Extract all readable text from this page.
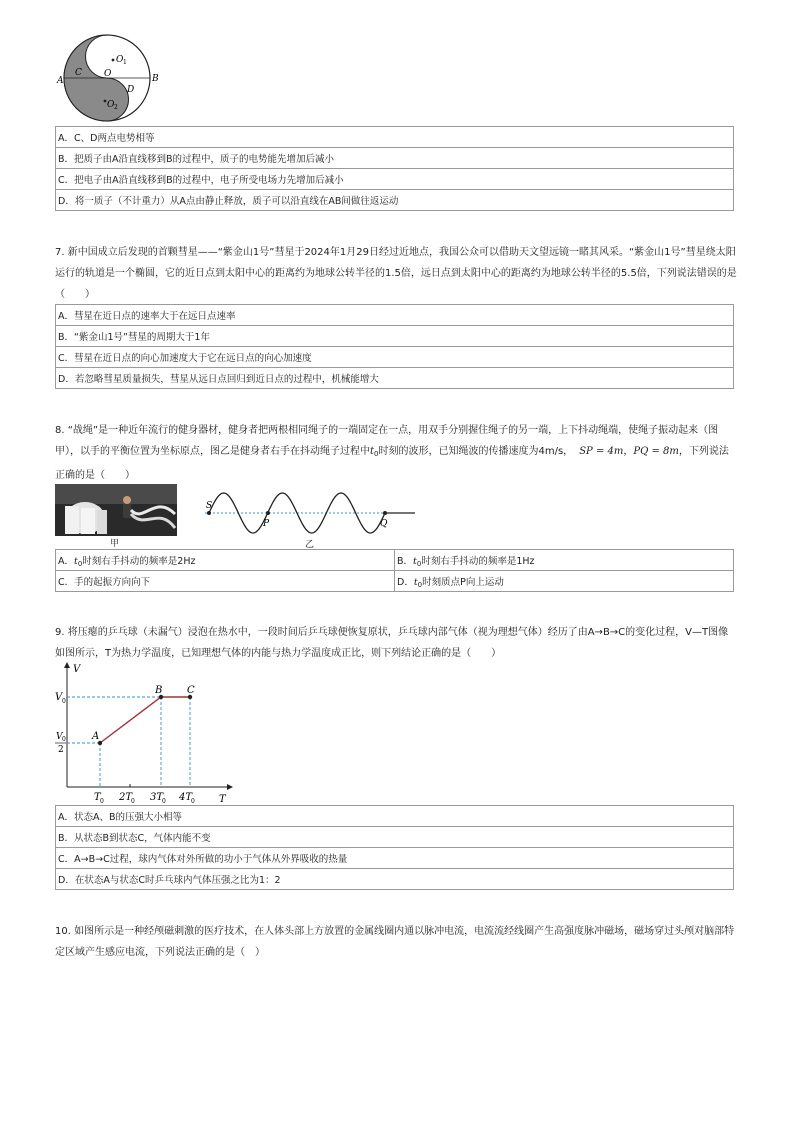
A	B
C
D
O
O 1
O 2
A．C、D两点电势相等
B．把质子由A沿直线移到B的过程中，质子的电势能先增加后减小
C．把电子由A沿直线移到B的过程中，电子所受电场力先增加后减小
D．将一质子（不计重力）从A点由静止释放，质子可以沿直线在AB间做往返运动
7. 新中国成立后发现的首颗彗星——“紫金山1号”彗星于2024年1月29日经过近地点，我国公众可以借助天文望远镜一睹其风采。“紫金山1号”彗星绕太阳运行的轨道是一个椭圆，它的近日点到太阳中心的距离约为地球公转半径的1.5倍，远日点到太阳中心的距离约为地球公转半径的5.5倍，下列说法错误的是（　　）
A．彗星在近日点的速率大于在远日点速率
B．“紫金山1号”彗星的周期大于1年
C．彗星在近日点的向心加速度大于它在远日点的向心加速度
D．若忽略彗星质量损失，彗星从远日点回归到近日点的过程中，机械能增大
8. “战绳”是一种近年流行的健身器材，健身者把两根相同绳子的一端固定在一点，用双手分别握住绳子的另一端，上下抖动绳端，使绳子振动起来（图甲），以手的平衡位置为坐标原点，图乙是健身者右手在抖动绳子过程中$t_0$时刻的波形，已知绳波的传播速度为4m/s， SP = 4m，PQ = 8m，下列说法正确的是（　　）
甲
S
P	Q
乙
A．$t_0$时刻右手抖动的频率是2Hz	B．$t_0$时刻右手抖动的频率是1Hz
C．手的起振方向向下	D．$t_0$时刻质点P向上运动
9. 将压瘪的乒乓球（未漏气）浸泡在热水中，一段时间后乒乓球便恢复原状，乒乓球内部气体（视为理想气体）经历了由A→B→C的变化过程，V—T图像如图所示，T为热力学温度，已知理想气体的内能与热力学温度成正比，则下列结论正确的是（　　）
V
T
A
B C
V 0
V 0
2
T 0 2T
0 3T
0 4T
0
A．状态A、B的压强大小相等
B．从状态B到状态C，气体内能不变
C．A→B→C过程，球内气体对外所做的功小于气体从外界吸收的热量
D．在状态A与状态C时乒乓球内气体压强之比为1：2
10. 如图所示是一种经颅磁刺激的医疗技术，在人体头部上方放置的金属线圈内通以脉冲电流，电流流经线圈产生高强度脉冲磁场，磁场穿过头颅对脑部特定区域产生感应电流，下列说法正确的是（　）
